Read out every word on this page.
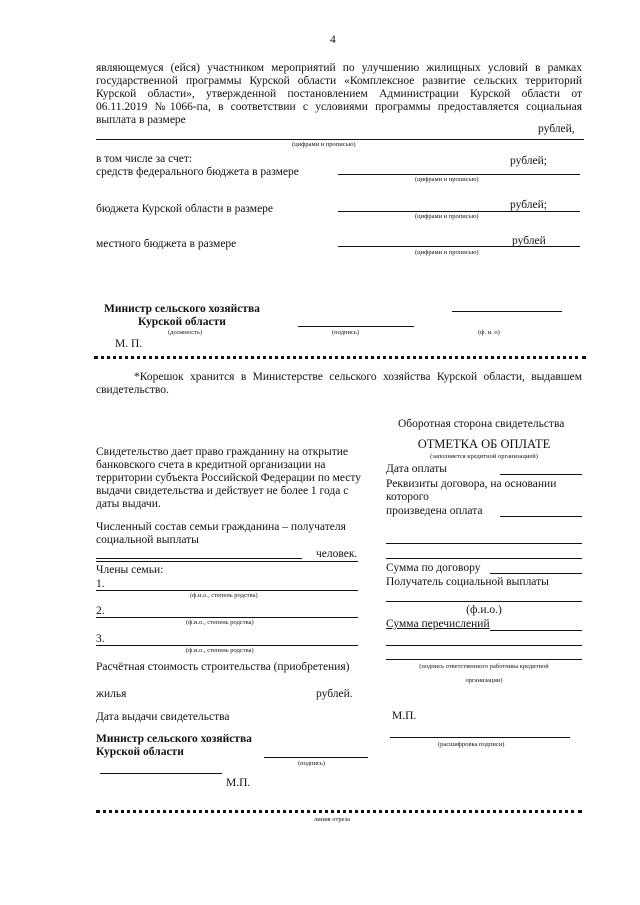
4
являющемуся (ейся) участником мероприятий по улучшению жилищных условий в рамках
государственной программы Курской области «Комплексное развитие сельских территорий
Курской области», утвержденной постановлением Администрации Курской области от
06.11.2019 №1066-па, в соответствии с условиями программы предоставляется социальная
выплата в размере
рублей,
(цифрами и прописью)
в том числе за счет:
средств федерального бюджета в размере
рублей;
(цифрами и прописью)
бюджета Курской области в размере	рублей;
(цифрами и прописью)
местного бюджета в размере	рублей
(цифрами и прописью)
Министр сельского хозяйства
Курской области
(должность)	(подпись)	(ф. и. о)
М. П.
*Корешок хранится в Министерстве сельского хозяйства Курской области, выдавшем
свидетельство.
Оборотная сторона свидетельства
Свидетельство дает право гражданину на открытие
банковского счета в кредитной организации на
территории субъекта Российской Федерации по месту
выдачи свидетельства и действует не более 1 года с
даты выдачи.
Численный состав семьи гражданина – получателя
социальной выплаты
человек.
Члены семьи:
1.
(ф.и.о., степень родства)
2.
(ф.и.о., степень родства)
3.
(ф.и.о., степень родства)
Расчётная стоимость строительства (приобретения)
жилья	рублей.
Дата выдачи свидетельства
Министр сельского хозяйства
Курской области
(подпись)
М.П.
ОТМЕТКА ОБ ОПЛАТЕ
(заполняется кредитной организацией)
Дата оплаты
Реквизиты договора, на основании
которого
произведена оплата
Сумма по договору
Получатель социальной выплаты
(ф.и.о.)
Сумма перечислений
(подпись ответственного работника кредитной
организации)
М.П.
(расшифровка подписи)
линия отреза
